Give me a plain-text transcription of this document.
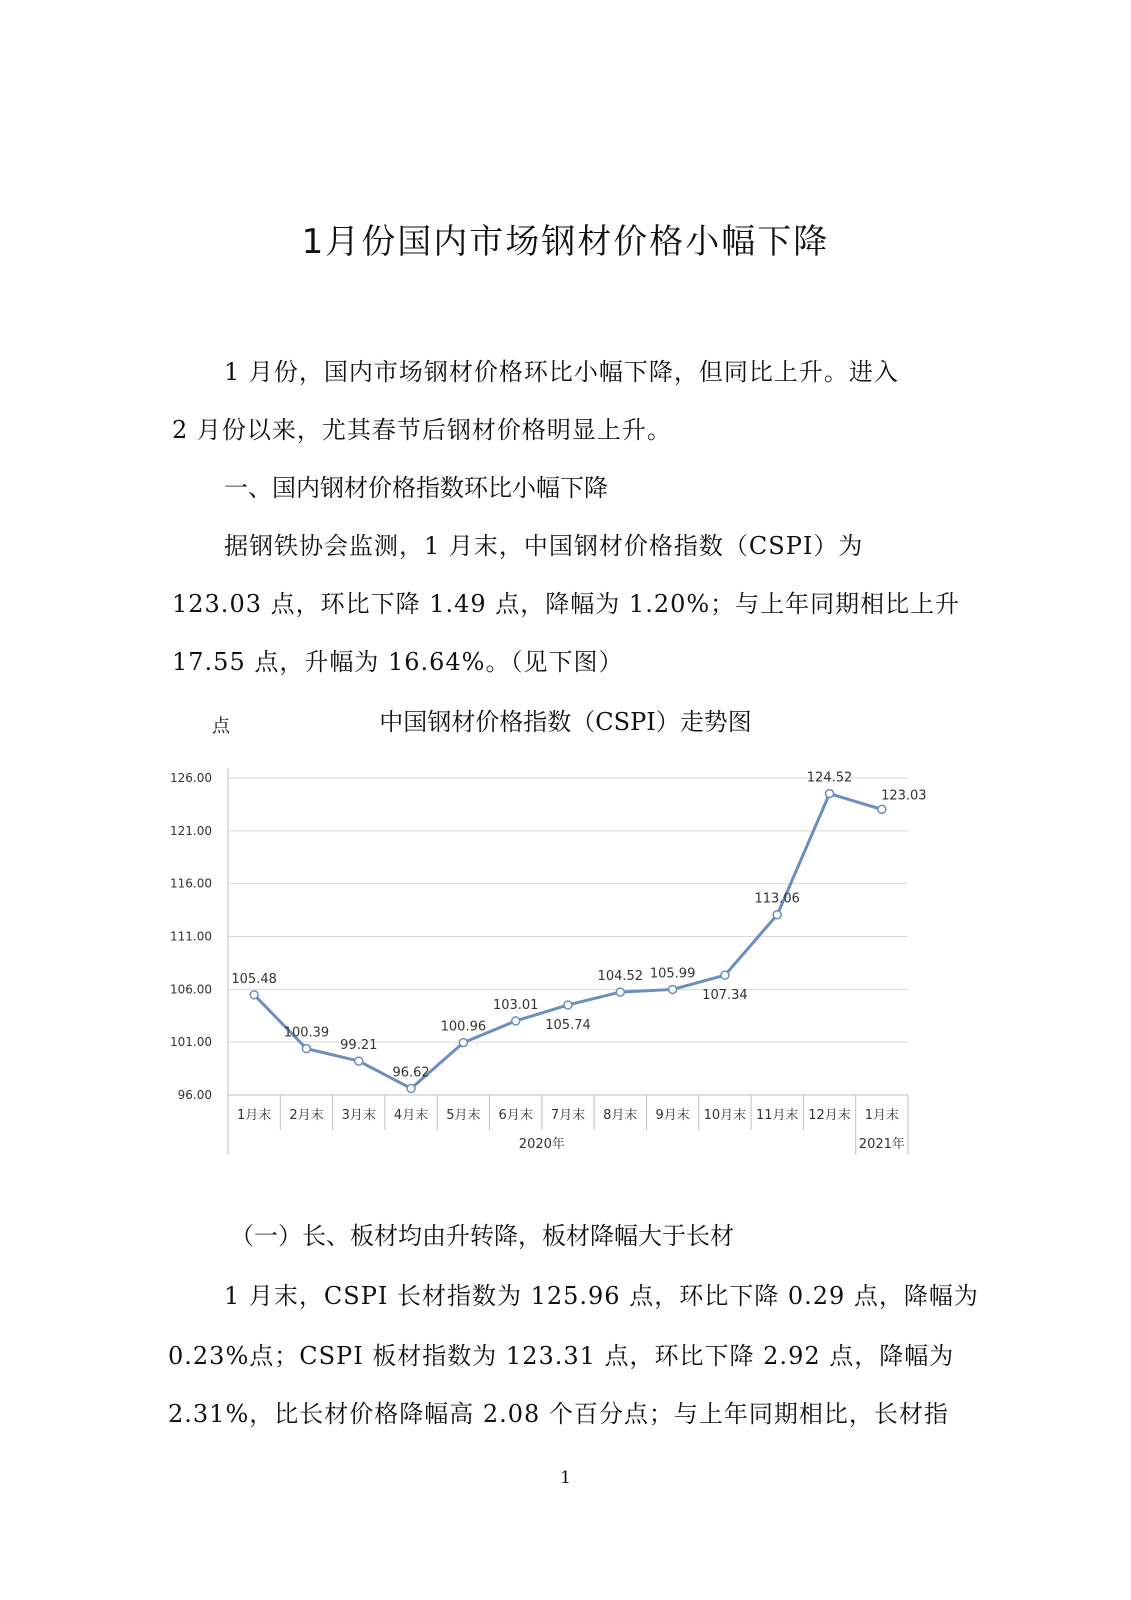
1月份国内市场钢材价格小幅下降
1 月份，国内市场钢材价格环比小幅下降，但同比上升。进入
2 月份以来，尤其春节后钢材价格明显上升。
一、国内钢材价格指数环比小幅下降
据钢铁协会监测，1 月末，中国钢材价格指数（CSPI）为
123.03 点，环比下降 1.49 点，降幅为 1.20%；与上年同期相比上升
17.55 点，升幅为 16.64%。（见下图）
点	中国钢材价格指数（CSPI）走势图
96.00
101.00
106.00
111.00
116.00
121.00
126.00
1月末 2月末 3月末 4月末 5月末 6月末 7月末 8月末 9月末 10月末 11月末 12月末 1月末
2020年	2021年
105.48
100.39
99.21
96.62
100.96
103.01
105.74
104.52 105.99
107.34
113.06
124.52
123.03
（一）长、板材均由升转降，板材降幅大于长材
1 月末，CSPI 长材指数为 125.96 点，环比下降 0.29 点，降幅为
0.23%点；CSPI 板材指数为 123.31 点，环比下降 2.92 点，降幅为
2.31%，比长材价格降幅高 2.08 个百分点；与上年同期相比，长材指
1
